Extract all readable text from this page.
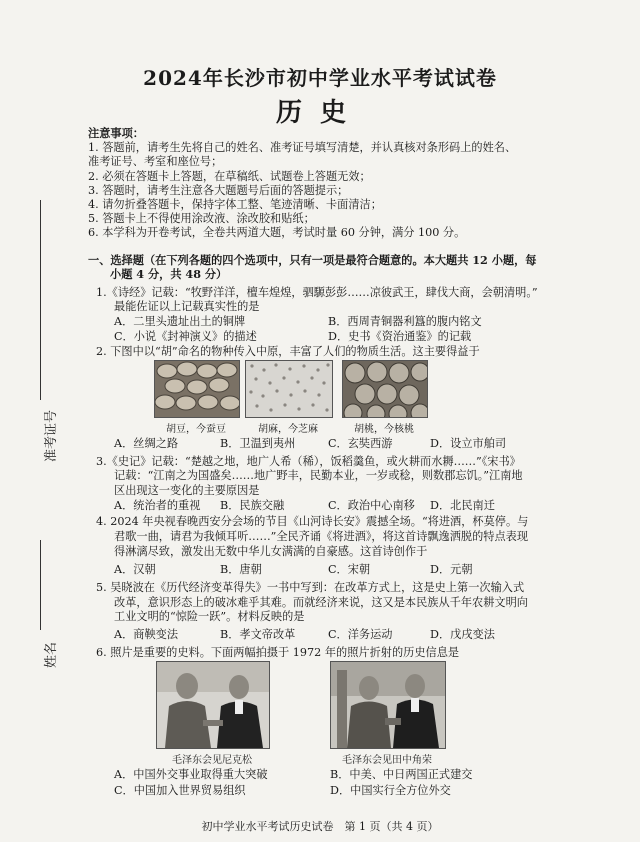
2024年长沙市初中学业水平考试试卷
历史
准考证号
姓名
注意事项：
1. 答题前，请考生先将自己的姓名、准考证号填写清楚，并认真核对条形码上的姓名、
准考证号、考室和座位号；
2. 必须在答题卡上答题，在草稿纸、试题卷上答题无效；
3. 答题时，请考生注意各大题题号后面的答题提示；
4. 请勿折叠答题卡，保持字体工整、笔迹清晰、卡面清洁；
5. 答题卡上不得使用涂改液、涂改胶和贴纸；
6. 本学科为开卷考试，全卷共两道大题，考试时量 60 分钟，满分 100 分。
一、选择题（在下列各题的四个选项中，只有一项是最符合题意的。本大题共 12 小题，每
小题 4 分，共 48 分）
1.《诗经》记载：“牧野洋洋，檀车煌煌，驷騵彭彭……凉彼武王，肆伐大商，会朝清明。”
最能佐证以上记载真实性的是
A．二里头遗址出土的铜牌	B．西周青铜器利簋的腹内铭文
C．小说《封神演义》的描述	D．史书《资治通鉴》的记载
2. 下图中以“胡”命名的物种传入中原，丰富了人们的物质生活。这主要得益于
胡豆，今蚕豆	胡麻，今芝麻	胡桃，今核桃
A．丝绸之路	B．卫温到夷州	C．玄奘西游	D．设立市舶司
3.《史记》记载：“楚越之地，地广人希（稀），饭稻羹鱼，或火耕而水耨……”《宋书》
记载：“江南之为国盛矣……地广野丰，民勤本业，一岁或稔，则数郡忘饥。”江南地
区出现这一变化的主要原因是
A．统治者的重视 B．民族交融	C．政治中心南移 D．北民南迁
4. 2024 年央视春晚西安分会场的节目《山河诗长安》震撼全场。“将进酒，杯莫停。与
君歌一曲，请君为我倾耳听……”全民齐诵《将进酒》，将这首诗飘逸洒脱的特点表现
得淋漓尽致，激发出无数中华儿女满满的自豪感。这首诗创作于
A．汉朝	B．唐朝	C．宋朝	D．元朝
5. 吴晓波在《历代经济变革得失》一书中写到：在改革方式上，这是史上第一次输入式
改革，意识形态上的破冰难乎其难。而就经济来说，这又是本民族从千年农耕文明向
工业文明的“惊险一跃”。材料反映的是
A．商鞅变法	B．孝文帝改革	C．洋务运动	D．戊戌变法
6. 照片是重要的史料。下面两幅拍摄于 1972 年的照片折射的历史信息是
毛泽东会见尼克松	毛泽东会见田中角荣
A．中国外交事业取得重大突破	B．中美、中日两国正式建交
C．中国加入世界贸易组织	D．中国实行全方位外交
初中学业水平考试历史试卷　第 1 页（共 4 页）
